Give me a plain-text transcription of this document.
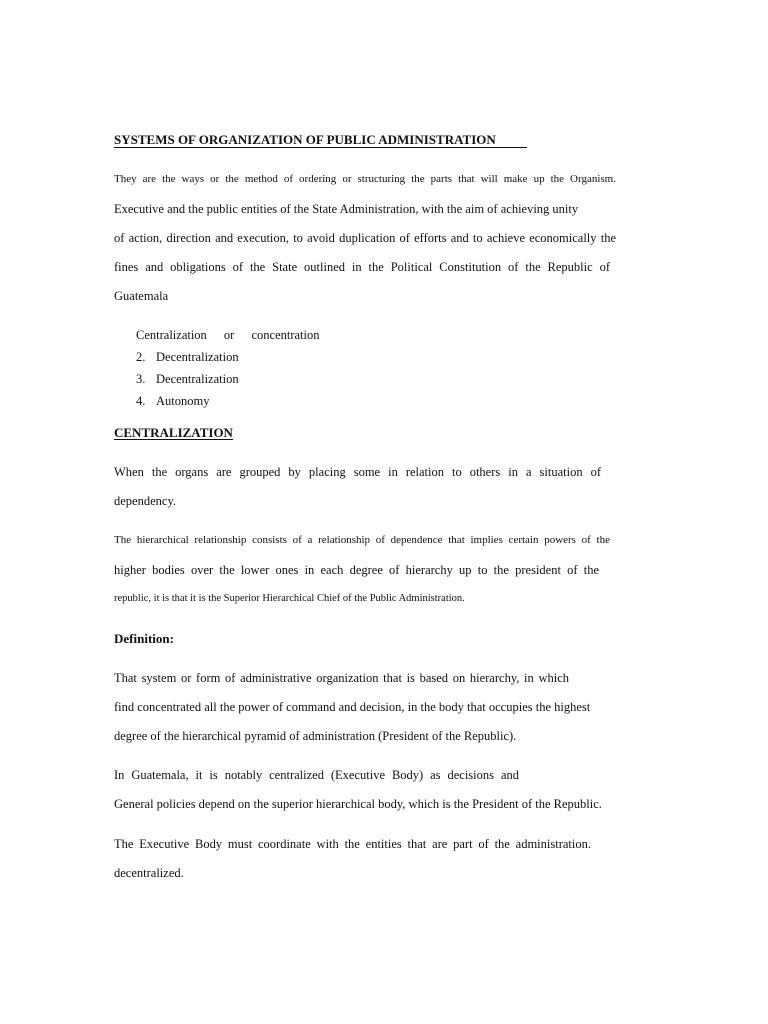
SYSTEMS OF ORGANIZATION OF PUBLIC ADMINISTRATION

They are the ways or the method of ordering or structuring the parts that will make up the Organism.

Executive and the public entities of the State Administration, with the aim of achieving unity

of action, direction and execution, to avoid duplication of efforts and to achieve economically the

fines and obligations of the State outlined in the Political Constitution of the Republic of

Guatemala

Centralization or concentration
2. Decentralization
3. Decentralization
4. Autonomy

CENTRALIZATION

When the organs are grouped by placing some in relation to others in a situation of

dependency.

The hierarchical relationship consists of a relationship of dependence that implies certain powers of the

higher bodies over the lower ones in each degree of hierarchy up to the president of the

republic, it is that it is the Superior Hierarchical Chief of the Public Administration.

Definition:

That system or form of administrative organization that is based on hierarchy, in which

find concentrated all the power of command and decision, in the body that occupies the highest

degree of the hierarchical pyramid of administration (President of the Republic).

In Guatemala, it is notably centralized (Executive Body) as decisions and

General policies depend on the superior hierarchical body, which is the President of the Republic.

The Executive Body must coordinate with the entities that are part of the administration.

decentralized.
